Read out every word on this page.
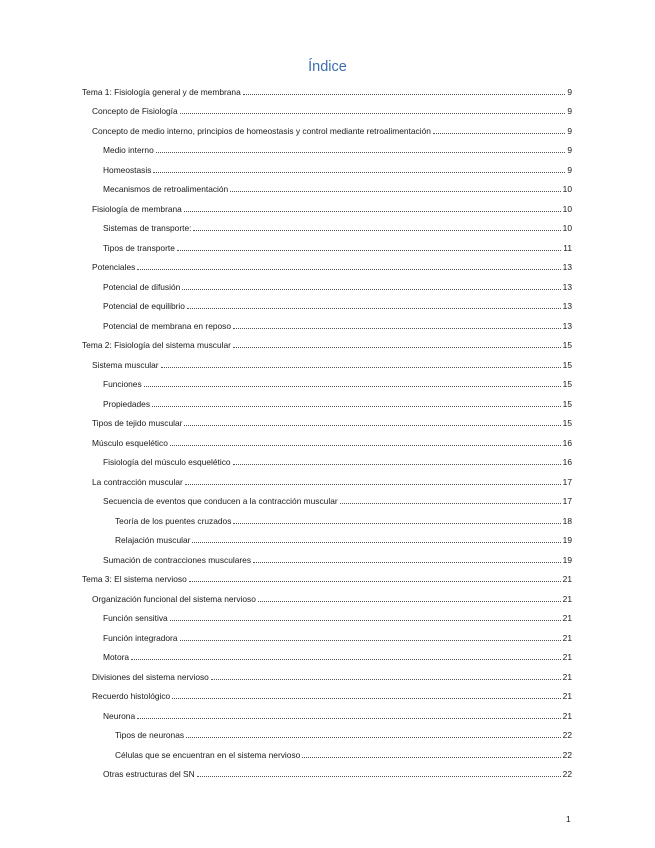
Índice
Tema 1: Fisiología general y de membrana	9
Concepto de Fisiología	9
Concepto de medio interno, principios de homeostasis y control mediante retroalimentación	9
Medio interno	9
Homeostasis	9
Mecanismos de retroalimentación	10
Fisiología de membrana	10
Sistemas de transporte:	10
Tipos de transporte	11
Potenciales	13
Potencial de difusión	13
Potencial de equilibrio	13
Potencial de membrana en reposo	13
Tema 2: Fisiología del sistema muscular	15
Sistema muscular	15
Funciones	15
Propiedades	15
Tipos de tejido muscular	15
Músculo esquelético	16
Fisiología del músculo esquelético	16
La contracción muscular	17
Secuencia de eventos que conducen a la contracción muscular	17
Teoría de los puentes cruzados	18
Relajación muscular	19
Sumación de contracciones musculares	19
Tema 3: El sistema nervioso	21
Organización funcional del sistema nervioso	21
Función sensitiva	21
Función integradora	21
Motora	21
Divisiones del sistema nervioso	21
Recuerdo histológico	21
Neurona	21
Tipos de neuronas	22
Células que se encuentran en el sistema nervioso	22
Otras estructuras del SN	22
1
